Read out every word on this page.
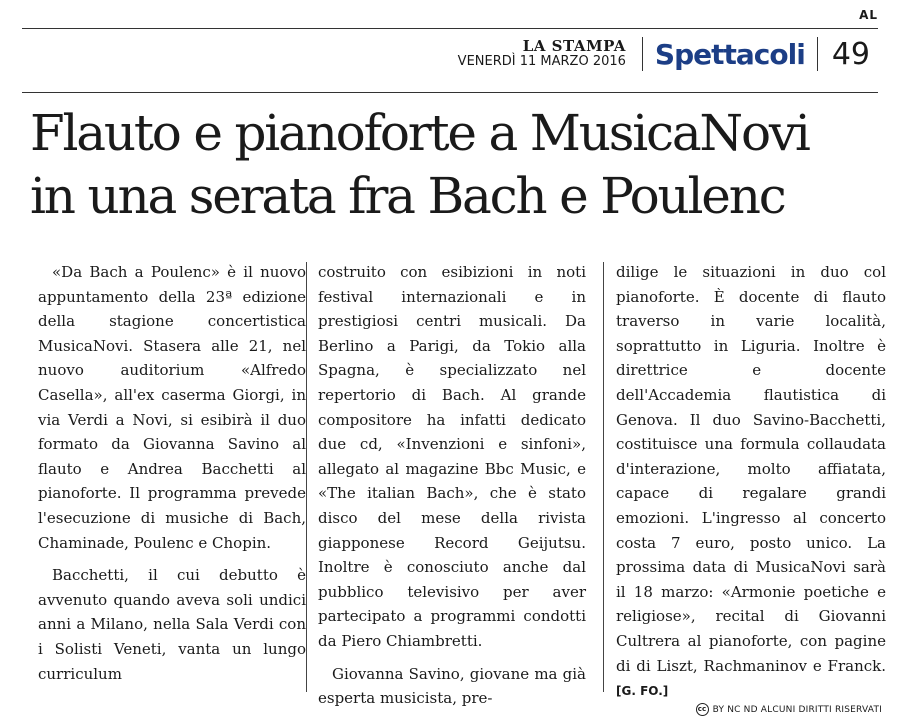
AL
LA STAMPA
VENERDÌ 11 MARZO 2016 Spettacoli 49
Flauto e pianoforte a MusicaNovi
in una serata fra Bach e Poulenc

«Da Bach a Poulenc» è il nuovo appuntamento della 23ª edizione della stagione concertistica MusicaNovi. Stasera alle 21, nel nuovo auditorium «Alfredo Casella», all'ex caserma Giorgi, in via Verdi a Novi, si esibirà il duo formato da Giovanna Savino al flauto e Andrea Bacchetti al pianoforte. Il programma prevede l'esecuzione di musiche di Bach, Chaminade, Poulenc e Chopin.

Bacchetti, il cui debutto è avvenuto quando aveva soli undici anni a Milano, nella Sala Verdi con i Solisti Veneti, vanta un lungo curriculum

costruito con esibizioni in noti festival internazionali e in prestigiosi centri musicali. Da Berlino a Parigi, da Tokio alla Spagna, è specializzato nel repertorio di Bach. Al grande compositore ha infatti dedicato due cd, «Invenzioni e sinfoni», allegato al magazine Bbc Music, e «The italian Bach», che è stato disco del mese della rivista giapponese Record Geijutsu. Inoltre è conosciuto anche dal pubblico televisivo per aver partecipato a programmi condotti da Piero Chiambretti.

Giovanna Savino, giovane ma già esperta musicista, pre-

dilige le situazioni in duo col pianoforte. È docente di flauto traverso in varie località, soprattutto in Liguria. Inoltre è direttrice e docente dell'Accademia flautistica di Genova. Il duo Savino-Bacchetti, costituisce una formula collaudata d'interazione, molto affiatata, capace di regalare grandi emozioni. L'ingresso al concerto costa 7 euro, posto unico. La prossima data di MusicaNovi sarà il 18 marzo: «Armonie poetiche e religiose», recital di Giovanni Cultrera al pianoforte, con pagine di di Liszt, Rachmaninov e Franck. [G. FO.]

cc BY NC ND ALCUNI DIRITTI RISERVATI
